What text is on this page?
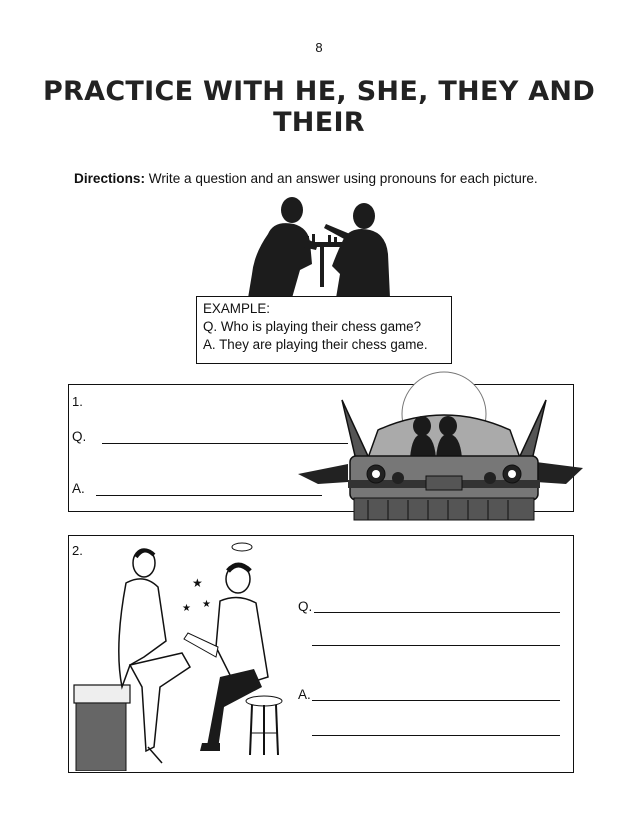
8
PRACTICE WITH HE, SHE, THEY AND THEIR
Directions: Write a question and an answer using pronouns for each picture.
EXAMPLE:
Q. Who is playing their chess game?
A. They are playing their chess game.
1.
Q.
A.
2.
★
★
★	Q.
A.
